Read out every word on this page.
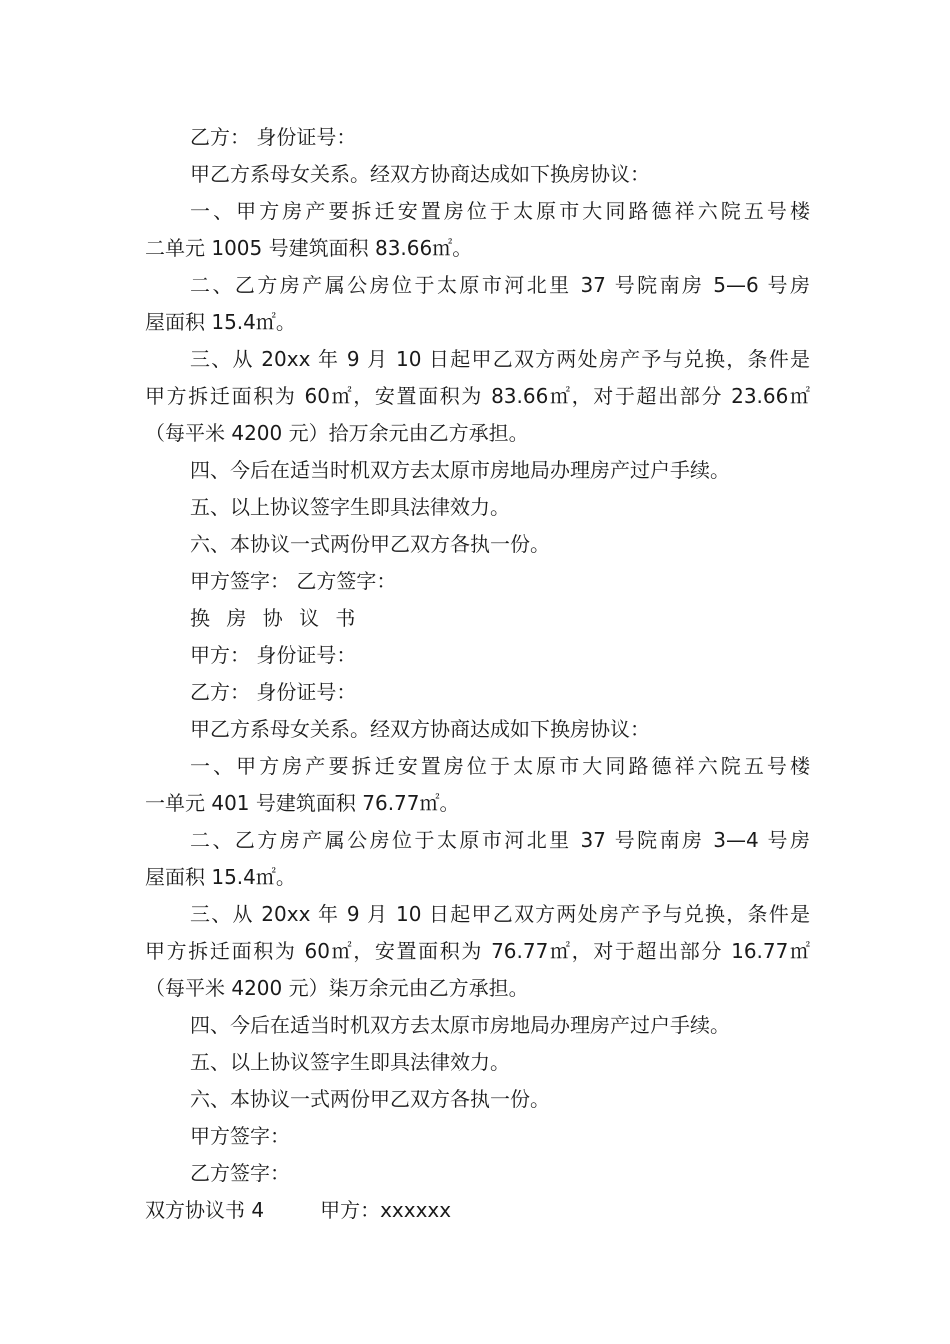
乙方： 身份证号：
甲乙方系母女关系。经双方协商达成如下换房协议：
一、甲方房产要拆迁安置房位于太原市大同路德祥六院五号楼
二单元 1005 号建筑面积 83.66㎡。
二、乙方房产属公房位于太原市河北里 37 号院南房 5—6 号房
屋面积 15.4㎡。
三、从 20xx 年 9 月 10 日起甲乙双方两处房产予与兑换，条件是
甲方拆迁面积为 60㎡，安置面积为 83.66㎡，对于超出部分 23.66㎡
（每平米 4200 元）拾万余元由乙方承担。
四、今后在适当时机双方去太原市房地局办理房产过户手续。
五、以上协议签字生即具法律效力。
六、本协议一式两份甲乙双方各执一份。
甲方签字： 乙方签字：
换 房 协 议 书
甲方： 身份证号：
乙方： 身份证号：
甲乙方系母女关系。经双方协商达成如下换房协议：
一、甲方房产要拆迁安置房位于太原市大同路德祥六院五号楼
一单元 401 号建筑面积 76.77㎡。
二、乙方房产属公房位于太原市河北里 37 号院南房 3—4 号房
屋面积 15.4㎡。
三、从 20xx 年 9 月 10 日起甲乙双方两处房产予与兑换，条件是
甲方拆迁面积为 60㎡，安置面积为 76.77㎡，对于超出部分 16.77㎡
（每平米 4200 元）柒万余元由乙方承担。
四、今后在适当时机双方去太原市房地局办理房产过户手续。
五、以上协议签字生即具法律效力。
六、本协议一式两份甲乙双方各执一份。
甲方签字：
乙方签字：
双方协议书 4	甲方：xxxxxx
